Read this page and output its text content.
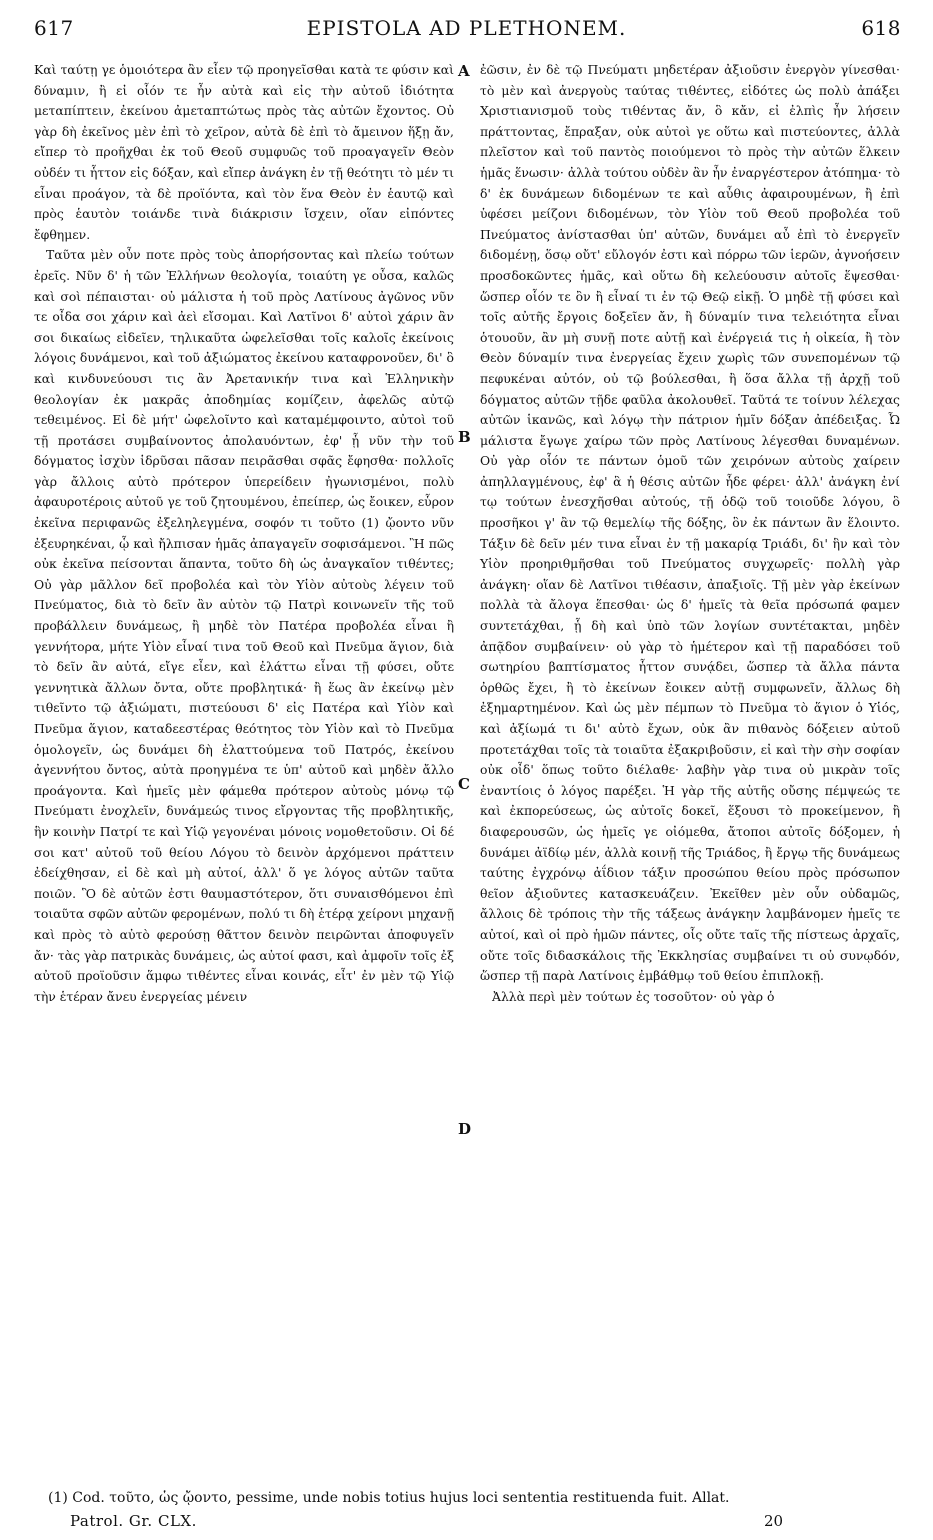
617	EPISTOLA AD PLETHONEM.	618

Καὶ ταύτῃ γε ὁμοιότερα ἂν εἶεν τῷ προηγεῖσθαι κατὰ τε φύσιν καὶ δύναμιν, ἢ εἰ οἷόν τε ἦν αὐτὰ καὶ εἰς τὴν αὐτοῦ ἰδιότητα μεταπίπτειν, ἐκείνου ἀμεταπτώτως πρὸς τὰς αὐτῶν ἔχοντος. Οὐ γὰρ δὴ ἐκεῖνος μὲν ἐπὶ τὸ χεῖρον, αὐτὰ δὲ ἐπὶ τὸ ἄμεινον ἥξῃ ἄν, εἴπερ τὸ προῆχθαι ἐκ τοῦ Θεοῦ συμφυῶς τοῦ προαγαγεῖν Θεὸν οὐδέν τι ἧττον εἰς δόξαν, καὶ εἴπερ ἀνάγκη ἐν τῇ θεότητι τὸ μέν τι εἶναι προάγον, τὰ δὲ προϊόντα, καὶ τὸν ἕνα Θεὸν ἐν ἑαυτῷ καὶ πρὸς ἑαυτὸν τοιάνδε τινὰ διάκρισιν ἴσχειν, οἵαν εἰπόντες ἔφθημεν.

Ταῦτα μὲν οὖν ποτε πρὸς τοὺς ἀπορήσοντας καὶ πλείω τούτων ἐρεῖς. Νῦν δ' ἡ τῶν Ἑλλήνων θεολογία, τοιαύτη γε οὖσα, καλῶς καὶ σοὶ πέπαισται· οὐ μάλιστα ἡ τοῦ πρὸς Λατίνους ἀγῶνος νῦν τε οἶδα σοι χάριν καὶ ἀεὶ εἴσομαι. Καὶ Λατῖνοι δ' αὐτοὶ χάριν ἂν σοι δικαίως εἰδεῖεν, τηλικαῦτα ὠφελεῖσθαι τοῖς καλοῖς ἐκείνοις λόγοις δυνάμενοι, καὶ τοῦ ἀξιώματος ἐκείνου καταφρονοῦεν, δι' ὃ καὶ κινδυνεύουσι τις ἂν Ἀρετανικήν τινα καὶ Ἑλληνικὴν θεολογίαν ἐκ μακρᾶς ἀποδημίας κομίζειν, ἀφελῶς αὐτῷ τεθειμένος. Εἰ δὲ μήτ' ὠφελοῖντο καὶ καταμέμφοιντο, αὐτοὶ τοῦ τῇ προτάσει συμβαίνοντος ἀπολαυόντων, ἐφ' ᾗ νῦν τὴν τοῦ δόγματος ἰσχὺν ἱδρῦσαι πᾶσαν πειρᾶσθαι σφᾶς ἔφησθα· πολλοῖς γὰρ ἄλλοις αὐτὸ πρότερον ὑπερείδειν ἠγωνισμένοι, πολὺ ἀφαυροτέροις αὐτοῦ γε τοῦ ζητουμένου, ἐπείπερ, ὡς ἔοικεν, εὗρον ἐκεῖνα περιφανῶς ἐξεληλεγμένα, σοφόν τι τοῦτο (1) ᾤοντο νῦν ἐξευρηκέναι, ᾧ καὶ ἤλπισαν ἡμᾶς ἀπαγαγεῖν σοφισάμενοι. Ἢ πῶς οὐκ ἐκεῖνα πείσονται ἅπαντα, τοῦτο δὴ ὡς ἀναγκαῖον τιθέντες; Οὐ γὰρ μᾶλλον δεῖ προβολέα καὶ τὸν Υἱὸν αὐτοὺς λέγειν τοῦ Πνεύματος, διὰ τὸ δεῖν ἂν αὐτὸν τῷ Πατρὶ κοινωνεῖν τῆς τοῦ προβάλλειν δυνάμεως, ἢ μηδὲ τὸν Πατέρα προβολέα εἶναι ἢ γεννήτορα, μήτε Υἱὸν εἶναί τινα τοῦ Θεοῦ καὶ Πνεῦμα ἅγιον, διὰ τὸ δεῖν ἂν αὐτά, εἴγε εἶεν, καὶ ἐλάττω εἶναι τῇ φύσει, οὔτε γεννητικὰ ἄλλων ὄντα, οὔτε προβλητικά· ἢ ἕως ἂν ἐκείνῳ μὲν τιθεῖντο τῷ ἀξιώματι, πιστεύουσι δ' εἰς Πατέρα καὶ Υἱὸν καὶ Πνεῦμα ἅγιον, καταδεεστέρας θεότητος τὸν Υἱὸν καὶ τὸ Πνεῦμα ὁμολογεῖν, ὡς δυνάμει δὴ ἐλαττούμενα τοῦ Πατρός, ἐκείνου ἀγεννήτου ὄντος, αὐτὰ προηγμένα τε ὑπ' αὐτοῦ καὶ μηδὲν ἄλλο προάγοντα. Καὶ ἡμεῖς μὲν φάμεθα πρότερον αὐτοὺς μόνῳ τῷ Πνεύματι ἐνοχλεῖν, δυνάμεώς τινος εἴργοντας τῆς προβλητικῆς, ἣν κοινὴν Πατρί τε καὶ Υἱῷ γεγονέναι μόνοις νομοθετοῦσιν. Οἱ δέ σοι κατ' αὐτοῦ τοῦ θείου Λόγου τὸ δεινὸν ἀρχόμενοι πράττειν ἐδείχθησαν, εἰ δὲ καὶ μὴ αὐτοί, ἀλλ' ὅ γε λόγος αὐτῶν ταῦτα ποιῶν. Ὃ δὲ αὐτῶν ἐστι θαυμαστότερον, ὅτι συναισθόμενοι ἐπὶ τοιαῦτα σφῶν αὐτῶν φερομένων, πολύ τι δὴ ἑτέρᾳ χείρονι μηχανῇ καὶ πρὸς τὸ αὐτὸ φερούσῃ θᾶττον δεινὸν πειρῶνται ἀποφυγεῖν ἄν· τὰς γὰρ πατρικὰς δυνάμεις, ὡς αὐτοί φασι, καὶ ἀμφοῖν τοῖς ἐξ αὐτοῦ προϊοῦσιν ἅμφω τιθέντες εἶναι κοινάς, εἶτ' ἐν μὲν τῷ Υἱῷ τὴν ἑτέραν ἄνευ ἐνεργείας μένειν

A
B
C
D

ἐῶσιν, ἐν δὲ τῷ Πνεύματι μηδετέραν ἀξιοῦσιν ἐνεργὸν γίνεσθαι· τὸ μὲν καὶ ἀνεργοὺς ταύτας τιθέντες, εἰδότες ὡς πολὺ ἀπάξει Χριστιανισμοῦ τοὺς τιθέντας ἄν, ὃ κἄν, εἰ ἐλπὶς ἦν λήσειν πράττοντας, ἔπραξαν, οὐκ αὐτοὶ γε οὕτω καὶ πιστεύοντες, ἀλλὰ πλεῖστον καὶ τοῦ παντὸς ποιούμενοι τὸ πρὸς τὴν αὐτῶν ἕλκειν ἡμᾶς ἕνωσιν· ἀλλὰ τούτου οὐδὲν ἂν ἦν ἐναργέστερον ἀτόπημα· τὸ δ' ἐκ δυνάμεων διδομένων τε καὶ αὖθις ἀφαιρουμένων, ἢ ἐπὶ ὑφέσει μείζονι διδομένων, τὸν Υἱὸν τοῦ Θεοῦ προβολέα τοῦ Πνεύματος ἀνίστασθαι ὑπ' αὐτῶν, δυνάμει αὖ ἐπὶ τὸ ἐνεργεῖν διδομένῃ, ὅσῳ οὔτ' εὔλογόν ἐστι καὶ πόρρω τῶν ἱερῶν, ἀγνοήσειν προσδοκῶντες ἡμᾶς, καὶ οὕτω δὴ κελεύουσιν αὐτοῖς ἕψεσθαι· ὥσπερ οἷόν τε ὂν ἢ εἶναί τι ἐν τῷ Θεῷ εἰκῇ. Ὁ μηδὲ τῇ φύσει καὶ τοῖς αὐτῆς ἔργοις δοξεῖεν ἄν, ἢ δύναμίν τινα τελειότητα εἶναι ὁτουοῦν, ἂν μὴ συνῇ ποτε αὐτῇ καὶ ἐνέργειά τις ἡ οἰκεία, ἢ τὸν Θεὸν δύναμίν τινα ἐνεργείας ἔχειν χωρὶς τῶν συνεπομένων τῷ πεφυκέναι αὐτόν, οὐ τῷ βούλεσθαι, ἢ ὅσα ἄλλα τῇ ἀρχῇ τοῦ δόγματος αὐτῶν τῇδε φαῦλα ἀκολουθεῖ. Ταῦτά τε τοίνυν λέλεχας αὐτῶν ἱκανῶς, καὶ λόγῳ τὴν πάτριον ἡμῖν δόξαν ἀπέδειξας. Ὦ μάλιστα ἔγωγε χαίρω τῶν πρὸς Λατίνους λέγεσθαι δυναμένων. Οὐ γὰρ οἷόν τε πάντων ὁμοῦ τῶν χειρόνων αὐτοὺς χαίρειν ἀπηλλαγμένους, ἐφ' ἃ ἡ θέσις αὐτῶν ἧδε φέρει· ἀλλ' ἀνάγκη ἐνί τῳ τούτων ἐνεσχῆσθαι αὐτούς, τῇ ὁδῷ τοῦ τοιοῦδε λόγου, ὃ προσῆκοι γ' ἂν τῷ θεμελίῳ τῆς δόξης, ὃν ἐκ πάντων ἂν ἕλοιντο. Τάξιν δὲ δεῖν μέν τινα εἶναι ἐν τῇ μακαρίᾳ Τριάδι, δι' ἣν καὶ τὸν Υἱὸν προηριθμῆσθαι τοῦ Πνεύματος συγχωρεῖς· πολλὴ γὰρ ἀνάγκη· οἵαν δὲ Λατῖνοι τιθέασιν, ἀπαξιοῖς. Τῇ μὲν γὰρ ἐκείνων πολλὰ τὰ ἄλογα ἕπεσθαι· ὡς δ' ἡμεῖς τὰ θεῖα πρόσωπά φαμεν συντετάχθαι, ᾗ δὴ καὶ ὑπὸ τῶν λογίων συντέτακται, μηδὲν ἀπᾷδον συμβαίνειν· οὐ γὰρ τὸ ἡμέτερον καὶ τῇ παραδόσει τοῦ σωτηρίου βαπτίσματος ἧττον συνᾴδει, ὥσπερ τὰ ἄλλα πάντα ὀρθῶς ἔχει, ἢ τὸ ἐκείνων ἔοικεν αὐτῇ συμφωνεῖν, ἄλλως δὴ ἐξημαρτημένον. Καὶ ὡς μὲν πέμπων τὸ Πνεῦμα τὸ ἅγιον ὁ Υἱός, καὶ ἀξίωμά τι δι' αὐτὸ ἔχων, οὐκ ἂν πιθανὸς δόξειεν αὐτοῦ προτετάχθαι τοῖς τὰ τοιαῦτα ἐξακριβοῦσιν, εἰ καὶ τὴν σὴν σοφίαν οὐκ οἶδ' ὅπως τοῦτο διέλαθε· λαβὴν γὰρ τινα οὐ μικρὰν τοῖς ἐναντίοις ὁ λόγος παρέξει. Ἡ γὰρ τῆς αὐτῆς οὔσης πέμψεώς τε καὶ ἐκπορεύσεως, ὡς αὐτοῖς δοκεῖ, ἕξουσι τὸ προκείμενον, ἢ διαφερουσῶν, ὡς ἡμεῖς γε οἰόμεθα, ἄτοποι αὐτοῖς δόξομεν, ἡ δυνάμει ἀϊδίῳ μέν, ἀλλὰ κοινῇ τῆς Τριάδος, ἢ ἔργῳ τῆς δυνάμεως ταύτης ἐγχρόνῳ ἀΐδιον τάξιν προσώπου θείου πρὸς πρόσωπον θεῖον ἀξιοῦντες κατασκευάζειν. Ἐκεῖθεν μὲν οὖν οὐδαμῶς, ἄλλοις δὲ τρόποις τὴν τῆς τάξεως ἀνάγκην λαμβάνομεν ἡμεῖς τε αὐτοί, καὶ οἱ πρὸ ἡμῶν πάντες, οἷς οὔτε ταῖς τῆς πίστεως ἀρχαῖς, οὔτε τοῖς διδασκάλοις τῆς Ἐκκλησίας συμβαίνει τι οὐ συνῳδόν, ὥσπερ τῇ παρὰ Λατίνοις ἐμβάθμῳ τοῦ θείου ἐπιπλοκῇ.

Ἀλλὰ περὶ μὲν τούτων ἐς τοσοῦτον· οὐ γὰρ ὁ

(1) Cod. τοῦτο, ὡς ᾤοντο, pessime, unde nobis totius hujus loci sententia restituenda fuit. Allat.
Patrol. Gr. CLX.	20
